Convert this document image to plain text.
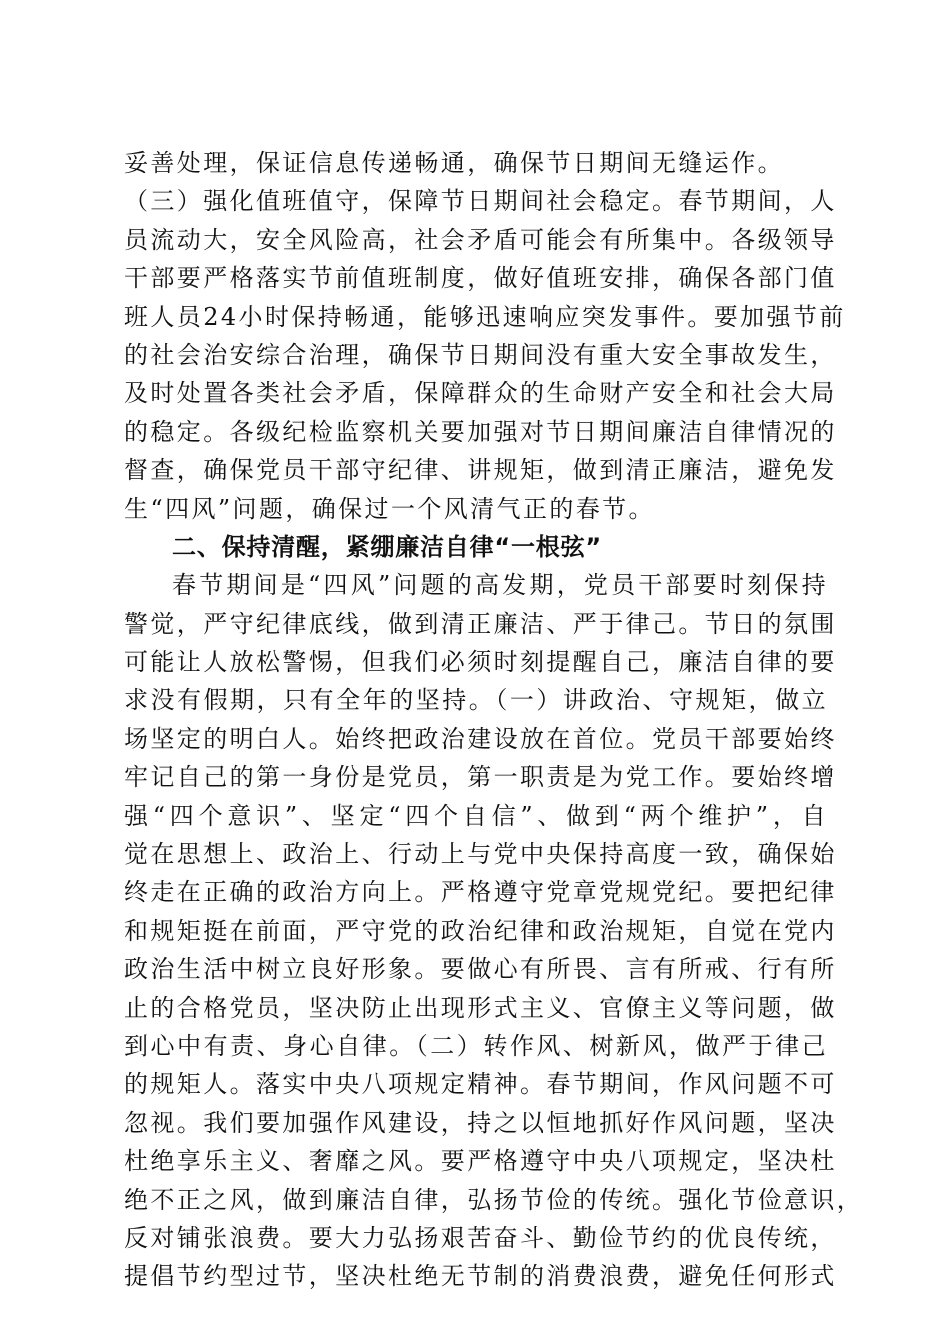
妥善处理，保证信息传递畅通，确保节日期间无缝运作。
（三）强化值班值守，保障节日期间社会稳定。春节期间，人
员流动大，安全风险高，社会矛盾可能会有所集中。各级领导
干部要严格落实节前值班制度，做好值班安排，确保各部门值
班人员24小时保持畅通，能够迅速响应突发事件。要加强节前
的社会治安综合治理，确保节日期间没有重大安全事故发生，
及时处置各类社会矛盾，保障群众的生命财产安全和社会大局
的稳定。各级纪检监察机关要加强对节日期间廉洁自律情况的
督查，确保党员干部守纪律、讲规矩，做到清正廉洁，避免发
生“四风”问题，确保过一个风清气正的春节。
二、保持清醒，紧绷廉洁自律“一根弦”
春节期间是“四风”问题的高发期，党员干部要时刻保持
警觉，严守纪律底线，做到清正廉洁、严于律己。节日的氛围
可能让人放松警惕，但我们必须时刻提醒自己，廉洁自律的要
求没有假期，只有全年的坚持。（一）讲政治、守规矩，做立
场坚定的明白人。始终把政治建设放在首位。党员干部要始终
牢记自己的第一身份是党员，第一职责是为党工作。要始终增
强“四个意识”、坚定“四个自信”、做到“两个维护”，自
觉在思想上、政治上、行动上与党中央保持高度一致，确保始
终走在正确的政治方向上。严格遵守党章党规党纪。要把纪律
和规矩挺在前面，严守党的政治纪律和政治规矩，自觉在党内
政治生活中树立良好形象。要做心有所畏、言有所戒、行有所
止的合格党员，坚决防止出现形式主义、官僚主义等问题，做
到心中有责、身心自律。（二）转作风、树新风，做严于律己
的规矩人。落实中央八项规定精神。春节期间，作风问题不可
忽视。我们要加强作风建设，持之以恒地抓好作风问题，坚决
杜绝享乐主义、奢靡之风。要严格遵守中央八项规定，坚决杜
绝不正之风，做到廉洁自律，弘扬节俭的传统。强化节俭意识，
反对铺张浪费。要大力弘扬艰苦奋斗、勤俭节约的优良传统，
提倡节约型过节，坚决杜绝无节制的消费浪费，避免任何形式
